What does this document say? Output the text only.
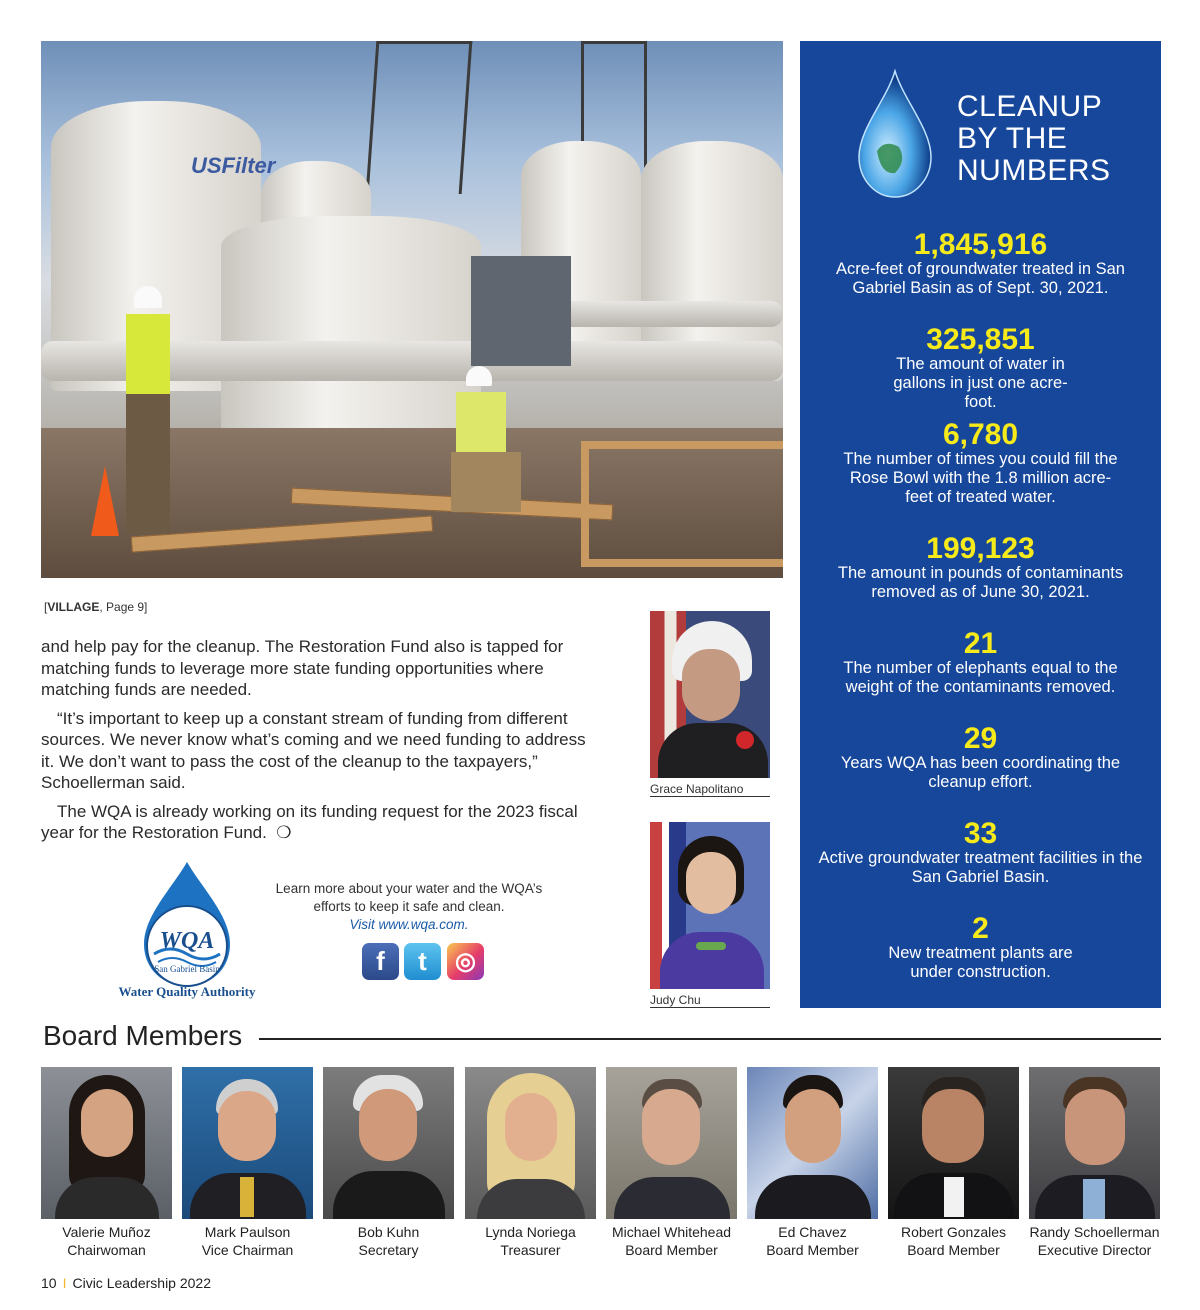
USFilter
[VILLAGE, Page 9]

and help pay for the cleanup. The Restoration Fund also is tapped for matching funds to leverage more state funding opportunities where matching funds are needed.

“It’s important to keep up a constant stream of funding from different sources. We never know what’s coming and we need funding to address it. We don’t want to pass the cost of the cleanup to the taxpayers,” Schoellerman said.

The WQA is already working on its funding request for the 2023 fiscal year for the Restoration Fund. ❍

WQA
San Gabriel Basin
Water Quality Authority
Learn more about your water and the WQA’s efforts to keep it safe and clean.
Visit www.wqa.com.
f	t	◎
Grace Napolitano
Judy Chu
CLEANUP
BY THE
NUMBERS
1,845,916
Acre-feet of groundwater treated in San Gabriel Basin as of Sept. 30, 2021.
325,851
The amount of water in gallons in just one acre-foot.
6,780
The number of times you could fill the Rose Bowl with the 1.8 million acre-feet of treated water.
199,123
The amount in pounds of contaminants removed as of June 30, 2021.
21
The number of elephants equal to the weight of the contaminants removed.
29
Years WQA has been coordinating the cleanup effort.
33
Active groundwater treatment facilities in the San Gabriel Basin.
2
New treatment plants are under construction.
Board Members
Valerie Muñoz
Chairwoman
Mark Paulson
Vice Chairman
Bob Kuhn
Secretary
Lynda Noriega
Treasurer
Michael Whitehead
Board Member
Ed Chavez
Board Member
Robert Gonzales
Board Member
Randy Schoellerman
Executive Director
10 I Civic Leadership 2022
